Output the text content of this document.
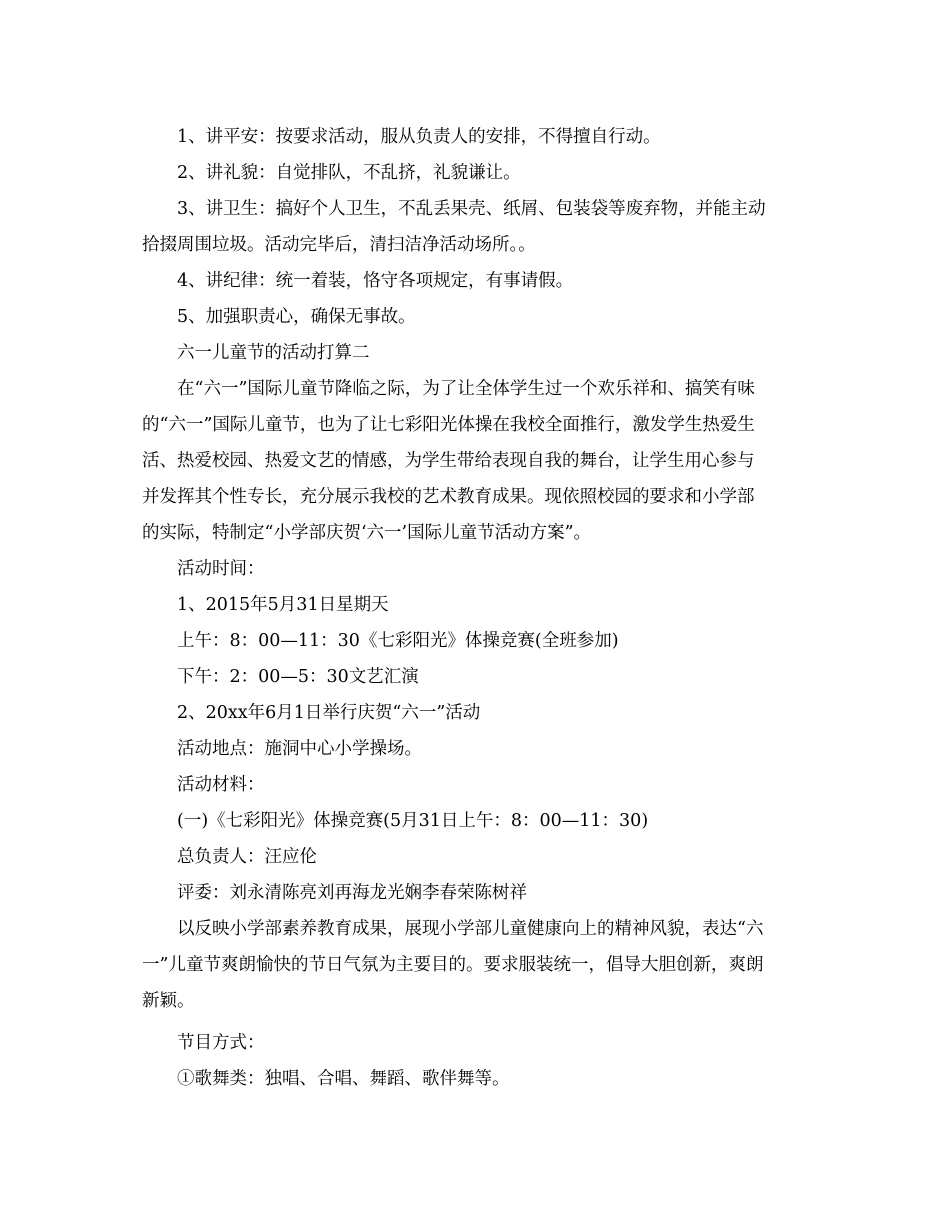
1、讲平安：按要求活动，服从负责人的安排，不得擅自行动。

2、讲礼貌：自觉排队，不乱挤，礼貌谦让。

3、讲卫生：搞好个人卫生，不乱丢果壳、纸屑、包装袋等废弃物，并能主动
拾掇周围垃圾。活动完毕后，清扫洁净活动场所。。

4、讲纪律：统一着装，恪守各项规定，有事请假。

5、加强职责心，确保无事故。

六一儿童节的活动打算二

在“六一”国际儿童节降临之际，为了让全体学生过一个欢乐祥和、搞笑有味
的“六一”国际儿童节，也为了让七彩阳光体操在我校全面推行，激发学生热爱生
活、热爱校园、热爱文艺的情感，为学生带给表现自我的舞台，让学生用心参与
并发挥其个性专长，充分展示我校的艺术教育成果。现依照校园的要求和小学部
的实际，特制定“小学部庆贺‘六一’国际儿童节活动方案”。

活动时间：

1、2015年5月31日星期天

上午：8：00—11：30《七彩阳光》体操竞赛(全班参加)

下午：2：00—5：30文艺汇演

2、20xx年6月1日举行庆贺“六一”活动

活动地点：施洞中心小学操场。

活动材料：

(一)《七彩阳光》体操竞赛(5月31日上午：8：00—11：30)

总负责人：汪应伦

评委：刘永清陈亮刘再海龙光娴李春荣陈树祥

以反映小学部素养教育成果，展现小学部儿童健康向上的精神风貌，表达“六
一”儿童节爽朗愉快的节日气氛为主要目的。要求服装统一，倡导大胆创新，爽朗
新颖。

节目方式：

①歌舞类：独唱、合唱、舞蹈、歌伴舞等。
